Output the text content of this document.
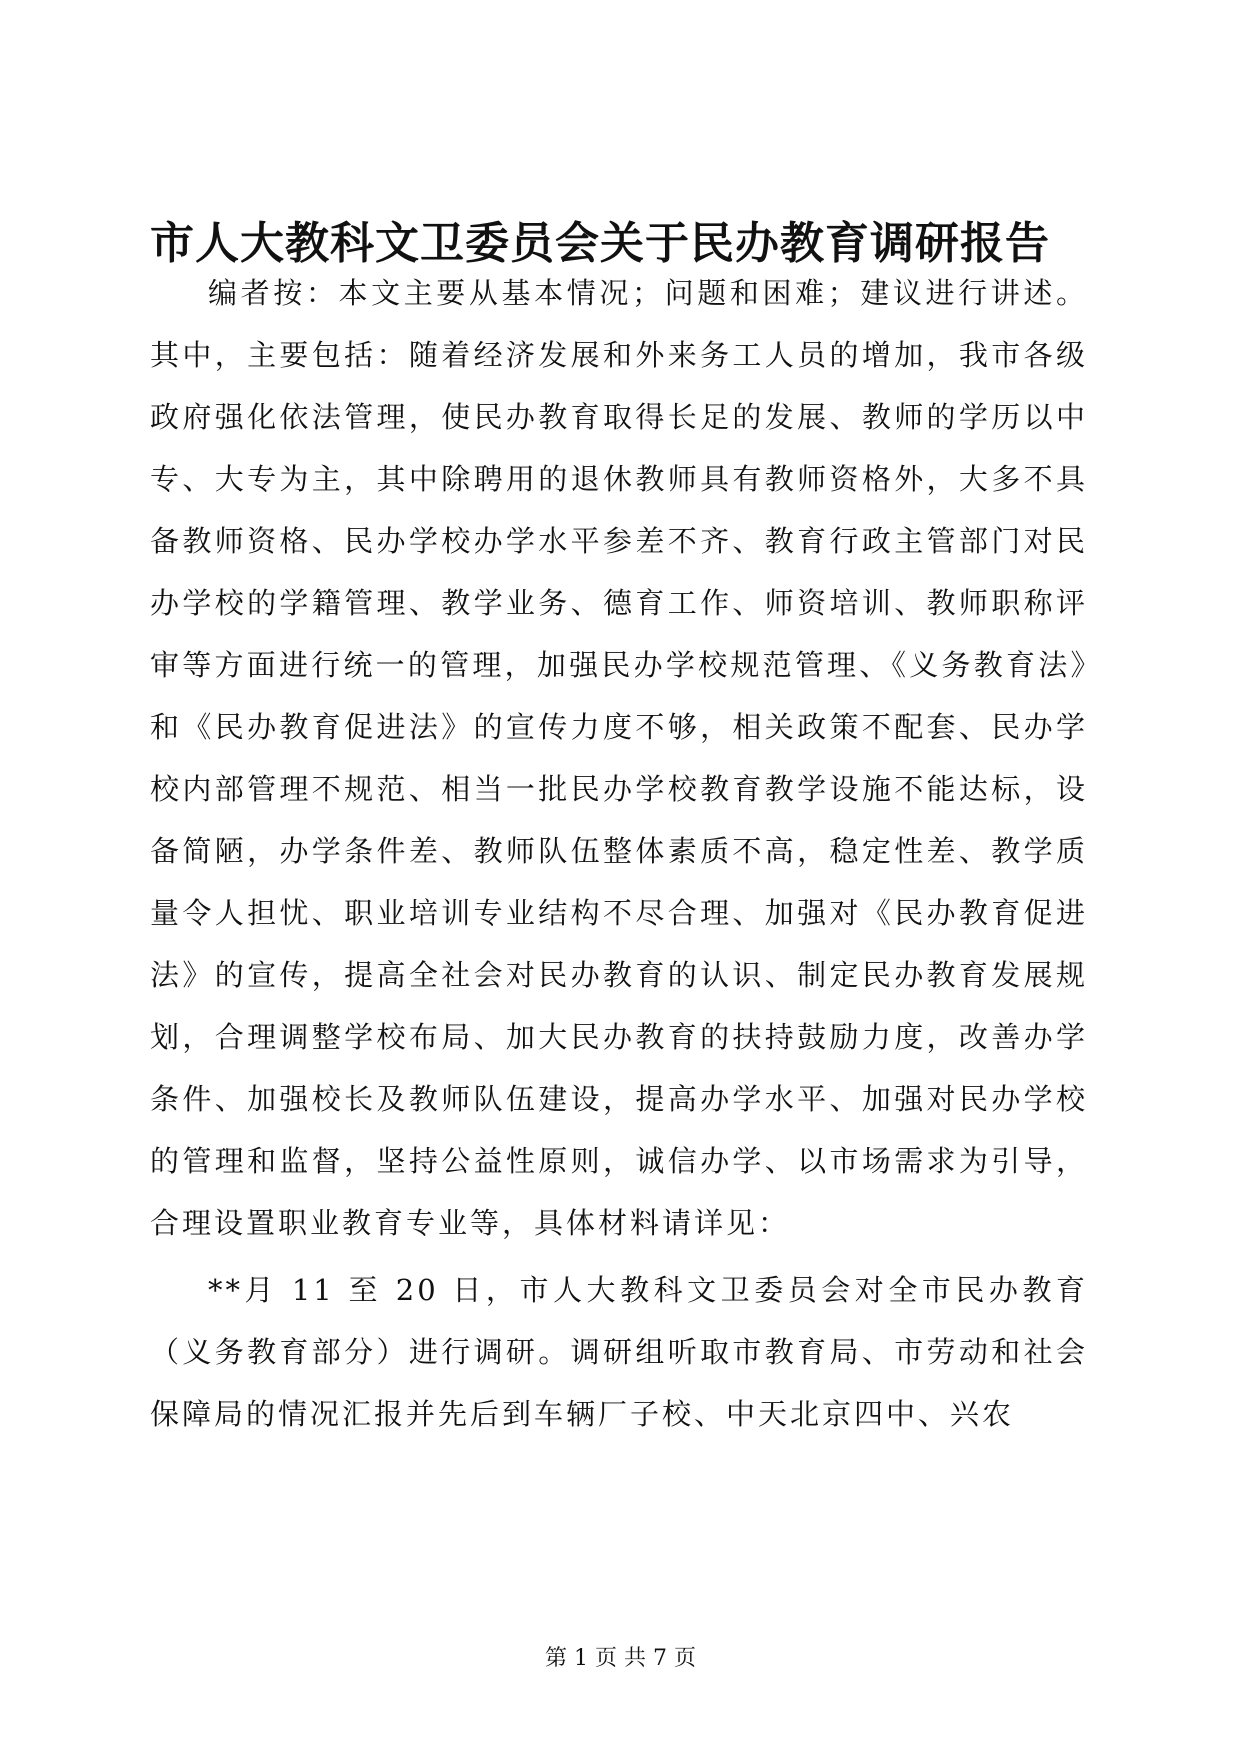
市人大教科文卫委员会关于民办教育调研报告

编者按：本文主要从基本情况；问题和困难；建议进行讲述。其中，主要包括：随着经济发展和外来务工人员的增加，我市各级政府强化依法管理，使民办教育取得长足的发展、教师的学历以中专、大专为主，其中除聘用的退休教师具有教师资格外，大多不具备教师资格、民办学校办学水平参差不齐、教育行政主管部门对民办学校的学籍管理、教学业务、德育工作、师资培训、教师职称评审等方面进行统一的管理，加强民办学校规范管理、《义务教育法》和《民办教育促进法》的宣传力度不够，相关政策不配套、民办学校内部管理不规范、相当一批民办学校教育教学设施不能达标，设备简陋，办学条件差、教师队伍整体素质不高，稳定性差、教学质量令人担忧、职业培训专业结构不尽合理、加强对《民办教育促进法》的宣传，提高全社会对民办教育的认识、制定民办教育发展规划，合理调整学校布局、加大民办教育的扶持鼓励力度，改善办学条件、加强校长及教师队伍建设，提高办学水平、加强对民办学校的管理和监督，坚持公益性原则，诚信办学、以市场需求为引导，合理设置职业教育专业等，具体材料请详见：

**月 11 至 20 日，市人大教科文卫委员会对全市民办教育（义务教育部分）进行调研。调研组听取市教育局、市劳动和社会保障局的情况汇报并先后到车辆厂子校、中天北京四中、兴农

第 1 页 共 7 页
